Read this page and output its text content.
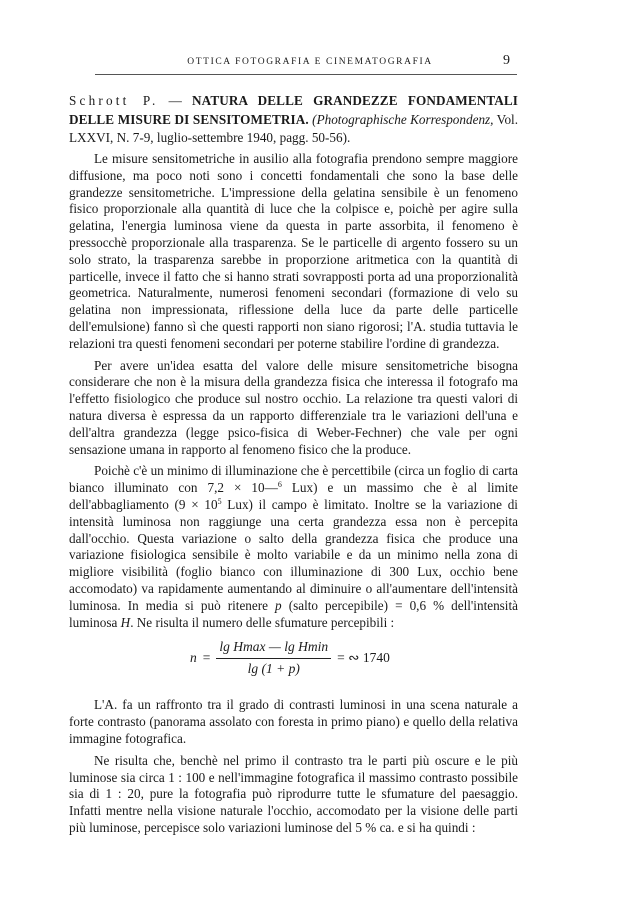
OTTICA FOTOGRAFIA E CINEMATOGRAFIA	9
Schrott P. — NATURA DELLE GRANDEZZE FONDAMENTALI DELLE MISURE DI SENSITOMETRIA. (Photographische Korrespondenz, Vol. LXXVI, N. 7-9, luglio-settembre 1940, pagg. 50-56).

Le misure sensitometriche in ausilio alla fotografia prendono sempre maggiore diffusione, ma poco noti sono i concetti fondamentali che sono la base delle grandezze sensitometriche. L'impressione della gelatina sensibile è un fenomeno fisico proporzionale alla quantità di luce che la colpisce e, poichè per agire sulla gelatina, l'energia luminosa viene da questa in parte assorbita, il fenomeno è pressocchè proporzionale alla trasparenza. Se le particelle di argento fossero su un solo strato, la trasparenza sarebbe in proporzione aritmetica con la quantità di particelle, invece il fatto che si hanno strati sovrapposti porta ad una proporzionalità geometrica. Naturalmente, numerosi fenomeni secondari (formazione di velo su gelatina non impressionata, riflessione della luce da parte delle particelle dell'emulsione) fanno sì che questi rapporti non siano rigorosi; l'A. studia tuttavia le relazioni tra questi fenomeni secondari per poterne stabilire l'ordine di grandezza.

Per avere un'idea esatta del valore delle misure sensitometriche bisogna considerare che non è la misura della grandezza fisica che interessa il fotografo ma l'effetto fisiologico che produce sul nostro occhio. La relazione tra questi valori di natura diversa è espressa da un rapporto differenziale tra le variazioni dell'una e dell'altra grandezza (legge psico-fisica di Weber-Fechner) che vale per ogni sensazione umana in rapporto al fenomeno fisico che la produce.

Poichè c'è un minimo di illuminazione che è percettibile (circa un foglio di carta bianco illuminato con 7,2 × 10—$^6$ Lux) e un massimo che è al limite dell'abbagliamento ($9 \times 10^5$ Lux) il campo è limitato. Inoltre se la variazione di intensità luminosa non raggiunge una certa grandezza essa non è percepita dall'occhio. Questa variazione o salto della grandezza fisica che produce una variazione fisiologica sensibile è molto variabile e da un minimo nella zona di migliore visibilità (foglio bianco con illuminazione di 300 Lux, occhio bene accomodato) va rapidamente aumentando al diminuire o all'aumentare dell'intensità luminosa. In media si può ritenere p (salto percepibile) = 0,6 % dell'intensità luminosa H. Ne risulta il numero delle sfumature percepibili :

$n = \frac{\text{lg Hmax — lg Hmin}}{\lg (1 + p)}$ = ∾ 1740

L'A. fa un raffronto tra il grado di contrasti luminosi in una scena naturale a forte contrasto (panorama assolato con foresta in primo piano) e quello della relativa immagine fotografica.

Ne risulta che, benchè nel primo il contrasto tra le parti più oscure e le più luminose sia circa 1 : 100 e nell'immagine fotografica il massimo contrasto possibile sia di 1 : 20, pure la fotografia può riprodurre tutte le sfumature del paesaggio. Infatti mentre nella visione naturale l'occhio, accomodato per la visione delle parti più luminose, percepisce solo variazioni luminose del 5 % ca. e si ha quindi :
